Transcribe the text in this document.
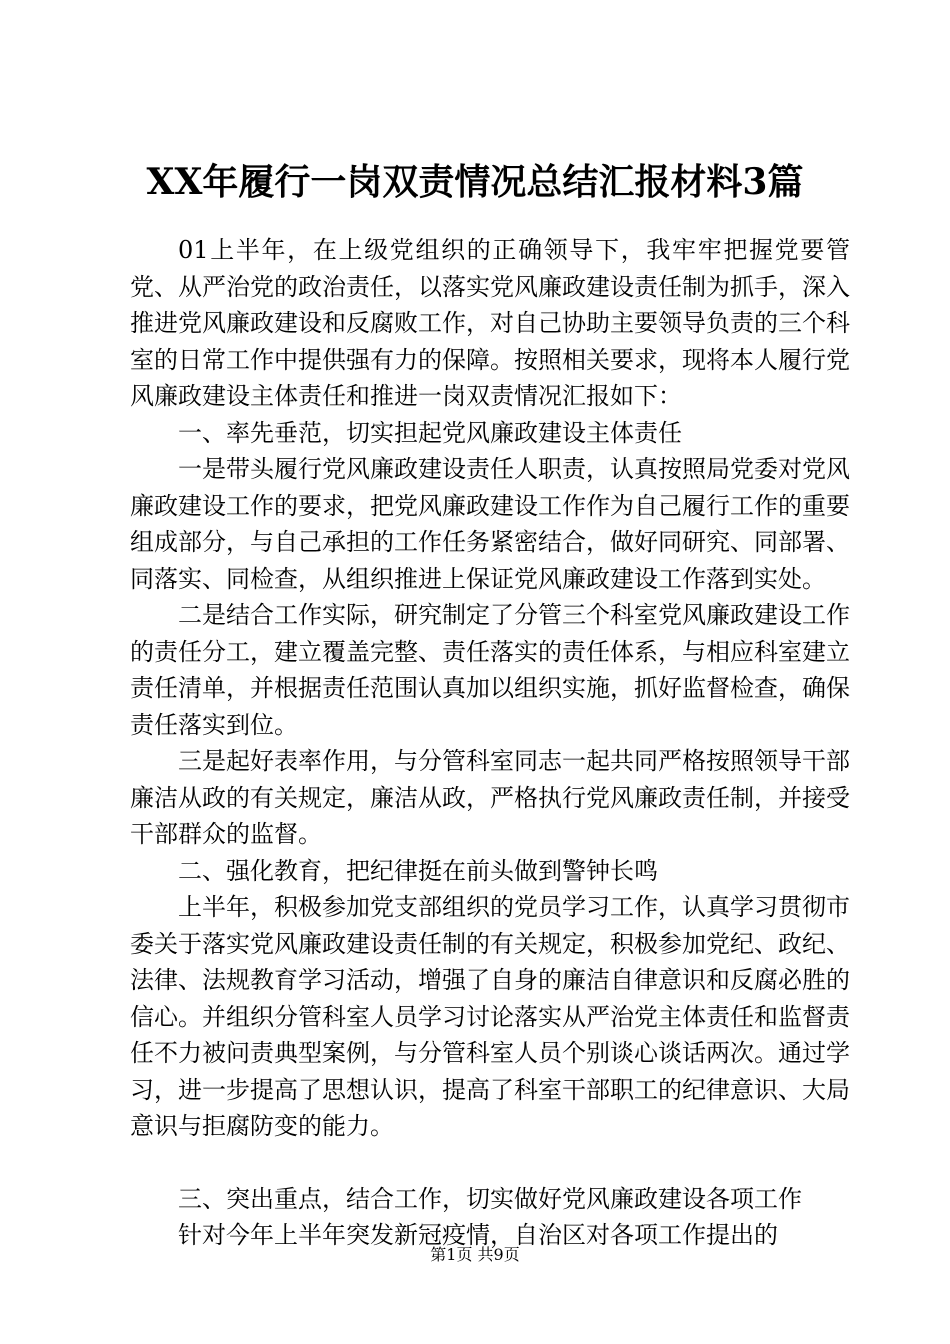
XX年履行一岗双责情况总结汇报材料3篇

01上半年，在上级党组织的正确领导下，我牢牢把握党要管党、从严治党的政治责任，以落实党风廉政建设责任制为抓手，深入推进党风廉政建设和反腐败工作，对自己协助主要领导负责的三个科室的日常工作中提供强有力的保障。按照相关要求，现将本人履行党风廉政建设主体责任和推进一岗双责情况汇报如下：

一、率先垂范，切实担起党风廉政建设主体责任

一是带头履行党风廉政建设责任人职责，认真按照局党委对党风廉政建设工作的要求，把党风廉政建设工作作为自己履行工作的重要组成部分，与自己承担的工作任务紧密结合，做好同研究、同部署、同落实、同检查，从组织推进上保证党风廉政建设工作落到实处。

二是结合工作实际，研究制定了分管三个科室党风廉政建设工作的责任分工，建立覆盖完整、责任落实的责任体系，与相应科室建立责任清单，并根据责任范围认真加以组织实施，抓好监督检查，确保责任落实到位。

三是起好表率作用，与分管科室同志一起共同严格按照领导干部廉洁从政的有关规定，廉洁从政，严格执行党风廉政责任制，并接受干部群众的监督。

二、强化教育，把纪律挺在前头做到警钟长鸣

上半年，积极参加党支部组织的党员学习工作，认真学习贯彻市委关于落实党风廉政建设责任制的有关规定，积极参加党纪、政纪、法律、法规教育学习活动，增强了自身的廉洁自律意识和反腐必胜的信心。并组织分管科室人员学习讨论落实从严治党主体责任和监督责任不力被问责典型案例，与分管科室人员个别谈心谈话两次。通过学习，进一步提高了思想认识，提高了科室干部职工的纪律意识、大局意识与拒腐防变的能力。

三、突出重点，结合工作，切实做好党风廉政建设各项工作

针对今年上半年突发新冠疫情，自治区对各项工作提出的

第1页 共9页
